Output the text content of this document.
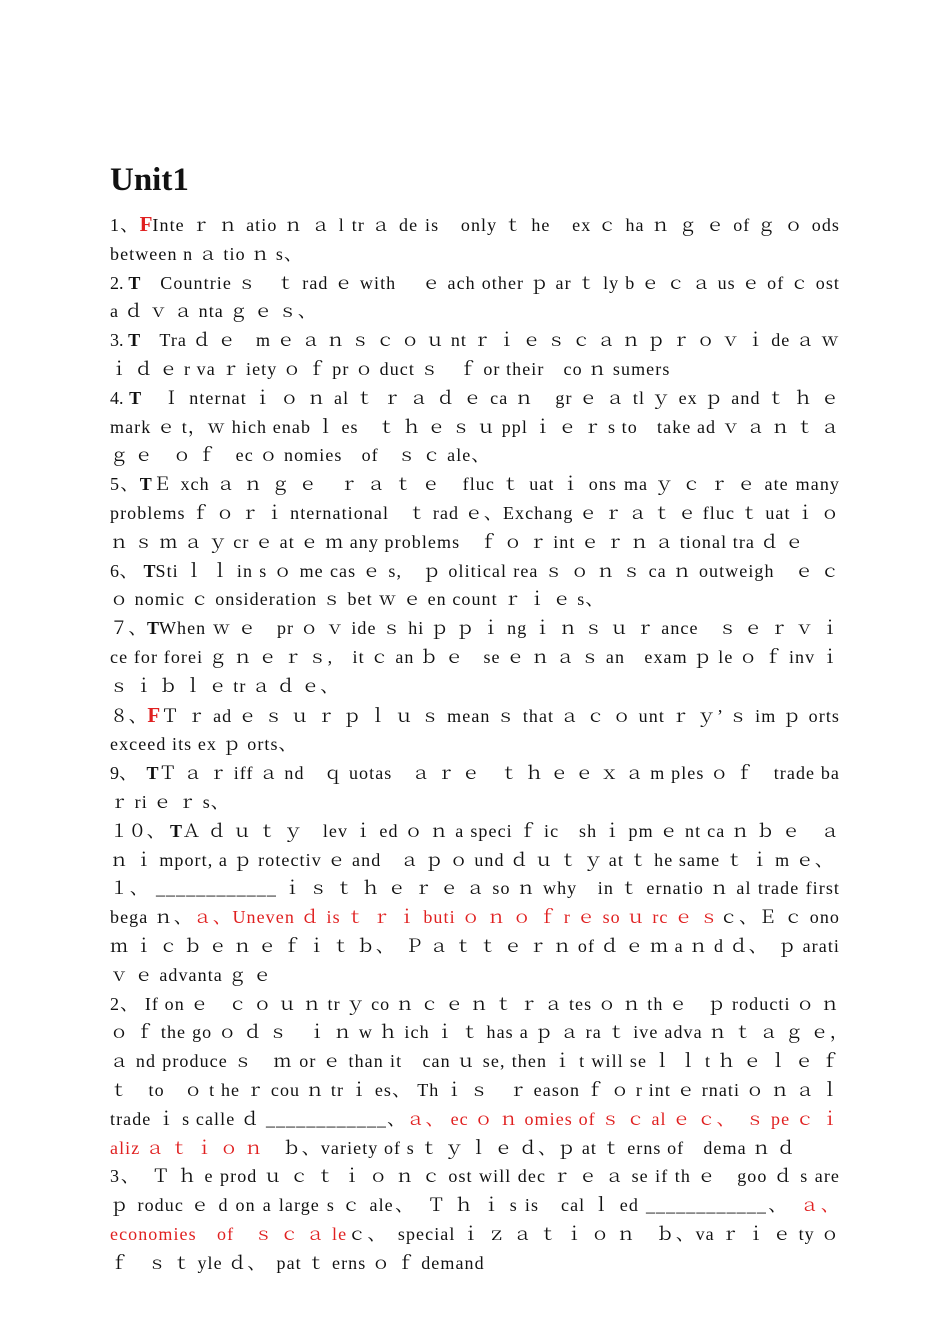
Unit1

1、FInte ｒ ｎ atio ｎ ａ l tr ａ de is　only ｔ he　ex ｃ ha ｎ ｇ ｅ of ｇ ｏ ods　between n ａ tio ｎ s、

2. T　Countrie ｓ　ｔ rad ｅ with　 ｅ ach other ｐ ar ｔ ly b ｅ ｃ ａ us ｅ of ｃ ost a ｄ ｖ ａ nta ｇ ｅ ｓ、

3. T　Tra ｄ ｅ　m ｅ ａ ｎ ｓ ｃ ｏ ｕ nt ｒ ｉ ｅ ｓ ｃ ａ ｎ ｐ ｒ ｏ ｖ ｉ de ａ ｗ ｉ ｄ ｅ r va ｒ iety ｏ ｆ pr ｏ duct ｓ　ｆ or their　co ｎ sumers

4. T　Ｉ nternat ｉ ｏ ｎ al ｔ ｒ ａ ｄ ｅ ca ｎ　gr ｅ ａ tl ｙ ex ｐ and ｔ ｈ ｅ　mark ｅ t，ｗ hich enab ｌ es　ｔ ｈ ｅ ｓ ｕ ppl ｉ ｅ ｒ s to　take ad ｖ ａ ｎ ｔ ａ ｇ ｅ　ｏ ｆ　ec ｏ nomies　of　ｓ ｃ ale、

5、TＥ xch ａ ｎ ｇ ｅ　ｒ ａ ｔ ｅ　fluc ｔ uat ｉ ons ma ｙ ｃ ｒ ｅ ate many　problems ｆ ｏ ｒ ｉ nternational　ｔ rad ｅ、Exchang ｅ ｒ ａ ｔ ｅ fluc ｔ uat ｉ ｏ ｎ ｓ ｍ ａ ｙ cr ｅ at ｅ ｍ any problems　ｆ ｏ ｒ int ｅ ｒ ｎ ａ tional tra ｄ ｅ

6、 TSti ｌ ｌ in s ｏ me cas ｅ s,　ｐ olitical rea ｓ ｏ ｎ ｓ ca ｎ outweigh　ｅ ｃ ｏ nomic ｃ onsideration ｓ bet ｗ ｅ en count ｒ ｉ ｅ s、

７、TWhen ｗ ｅ　pr ｏ ｖ ide ｓ hi ｐ ｐ ｉ ng ｉ ｎ ｓ ｕ ｒ ance　ｓ ｅ ｒ ｖ ｉ ce for forei ｇ ｎ ｅ ｒ ｓ,　it ｃ an ｂ ｅ　se ｅ ｎ ａ ｓ an　exam ｐ le ｏ ｆ inv ｉ ｓ ｉ ｂ ｌ ｅ tr ａ ｄ ｅ、

８、FＴ ｒ ad ｅ ｓ ｕ ｒ ｐ ｌ ｕ ｓ mean ｓ that ａ ｃ ｏ unt ｒ ｙ’ ｓ im ｐ orts exceed its ex ｐ orts、

9、　TＴ ａ ｒ iff ａ nd　ｑ uotas　ａ ｒ ｅ　ｔ ｈ ｅ ｅ ｘ ａ m ples ｏ ｆ　trade ba ｒ ri ｅ ｒ s、

１０、 TＡ ｄ ｕ ｔ ｙ　lev ｉ ed ｏ ｎ a speci ｆ ic　sh ｉ pm ｅ nt ca ｎ ｂ ｅ　ａ ｎ ｉ mport, a ｐ rotectiv ｅ and　ａ ｐ ｏ und ｄ ｕ ｔ ｙ at ｔ he same ｔ ｉ m ｅ、

１、 ____________ ｉ ｓ ｔ ｈ ｅ ｒ ｅ ａ so ｎ why　in ｔ ernatio ｎ al trade first bega ｎ、ａ、Uneven ｄ is ｔ ｒ ｉ buti ｏ ｎ ｏ ｆ r ｅ so ｕ rc ｅ ｓｃ、Ｅ ｃ ono ｍ ｉ ｃ ｂ ｅ ｎ ｅ ｆ ｉ ｔ ｂ、　Ｐ ａ ｔ ｔ ｅ ｒ ｎ of ｄ ｅ ｍ a ｎ d ｄ、　ｐ arati ｖ ｅ advanta ｇ ｅ

2、 If on ｅ　ｃ ｏ ｕ ｎ tr ｙ co ｎ ｃ ｅ ｎ ｔ ｒ ａ tes ｏ ｎ th ｅ　ｐ roducti ｏ ｎ ｏ ｆ the go ｏ ｄ ｓ　ｉ ｎ w ｈ ich ｉ ｔ has a ｐ ａ ra ｔ ive adva ｎ ｔ ａ ｇ ｅ，　ａ nd produce ｓ　ｍ or ｅ than it　can ｕ se, then ｉ t will se ｌ ｌ t ｈ ｅ ｌ ｅ ｆ ｔ　to　ｏ t he ｒ cou ｎ tr ｉ es、 Th ｉ ｓ　ｒ eason ｆ ｏ r int ｅ rnati ｏ ｎ ａ ｌ　trade ｉ s calle ｄ ____________、ａ、 ec ｏ ｎ omies of ｓ ｃ al ｅ ｃ、　ｓ pe ｃ ｉ aliz ａ ｔ ｉ ｏ ｎ　ｂ、variety of s ｔ ｙ ｌ ｅ ｄ、ｐ at ｔ erns of　dema ｎ ｄ

3、　Ｔ ｈ e prod ｕ ｃ ｔ ｉ ｏ ｎ ｃ ost will dec ｒ ｅ ａ se if th ｅ　goo ｄ s are　ｐ roduc ｅ d on a large s ｃ ale、　Ｔ ｈ ｉ s is　cal ｌ ed ____________、　ａ、economies　of　ｓ ｃ ａ leｃ、　special ｉ ｚ ａ ｔ ｉ ｏ ｎ　ｂ、va ｒ ｉ ｅ ty ｏ ｆ　ｓ ｔ yle ｄ、　pat ｔ erns ｏ ｆ demand
